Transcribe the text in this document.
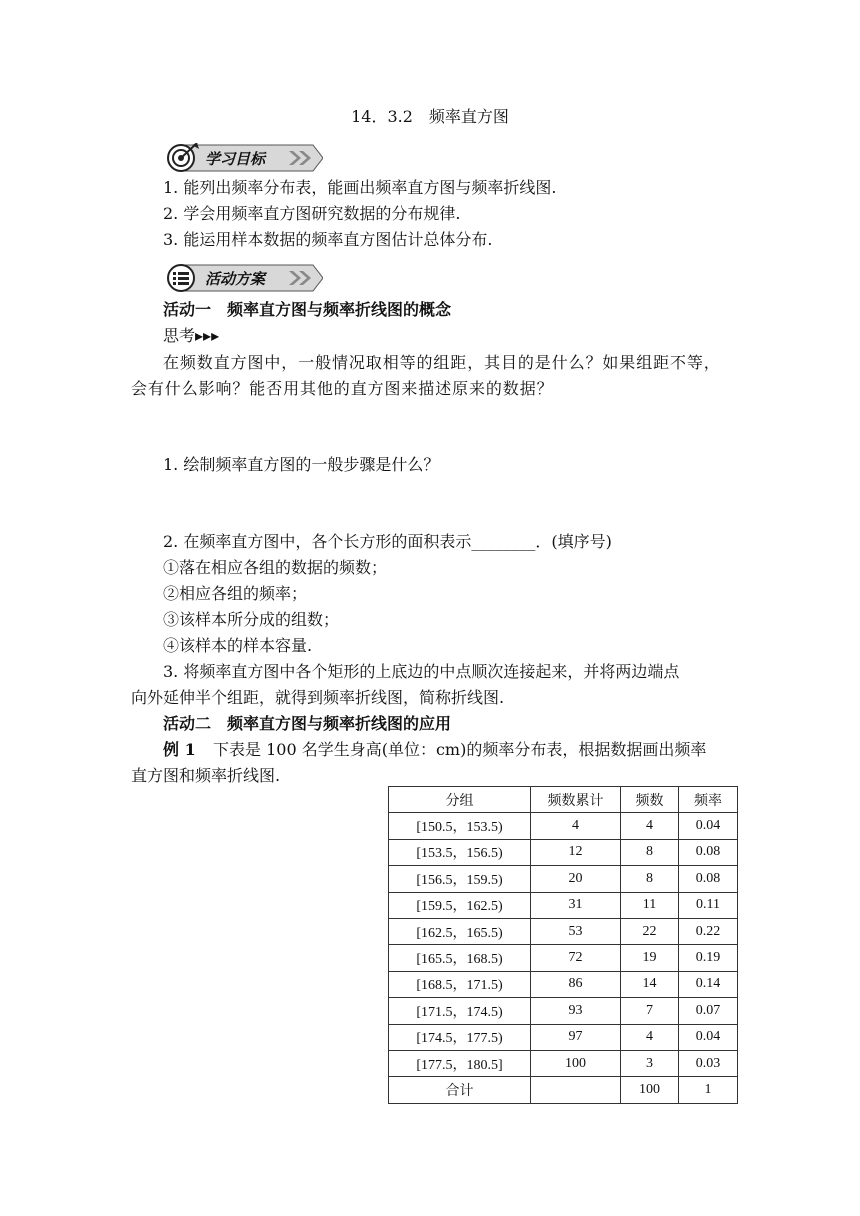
14．3.2　频率直方图
学习目标
1. 能列出频率分布表，能画出频率直方图与频率折线图.
2. 学会用频率直方图研究数据的分布规律.
3. 能运用样本数据的频率直方图估计总体分布.
活动方案
活动一　频率直方图与频率折线图的概念
思考▸▸▸
在频数直方图中，一般情况取相等的组距，其目的是什么？如果组距不等，
会有什么影响？能否用其他的直方图来描述原来的数据？
1. 绘制频率直方图的一般步骤是什么？
2. 在频率直方图中，各个长方形的面积表示________．(填序号)
①落在相应各组的数据的频数；
②相应各组的频率；
③该样本所分成的组数；
④该样本的样本容量.
3. 将频率直方图中各个矩形的上底边的中点顺次连接起来，并将两边端点
向外延伸半个组距，就得到频率折线图，简称折线图.
活动二　频率直方图与频率折线图的应用
例 1 下表是 100 名学生身高(单位：cm)的频率分布表，根据数据画出频率
直方图和频率折线图.
分组	频数累计	频数	频率
[150.5，153.5)	4	4	0.04
[153.5，156.5)	12	8	0.08
[156.5，159.5)	20	8	0.08
[159.5，162.5)	31	11	0.11
[162.5，165.5)	53	22	0.22
[165.5，168.5)	72	19	0.19
[168.5，171.5)	86	14	0.14
[171.5，174.5)	93	7	0.07
[174.5，177.5)	97	4	0.04
[177.5，180.5]	100	3	0.03
合计		100	1
